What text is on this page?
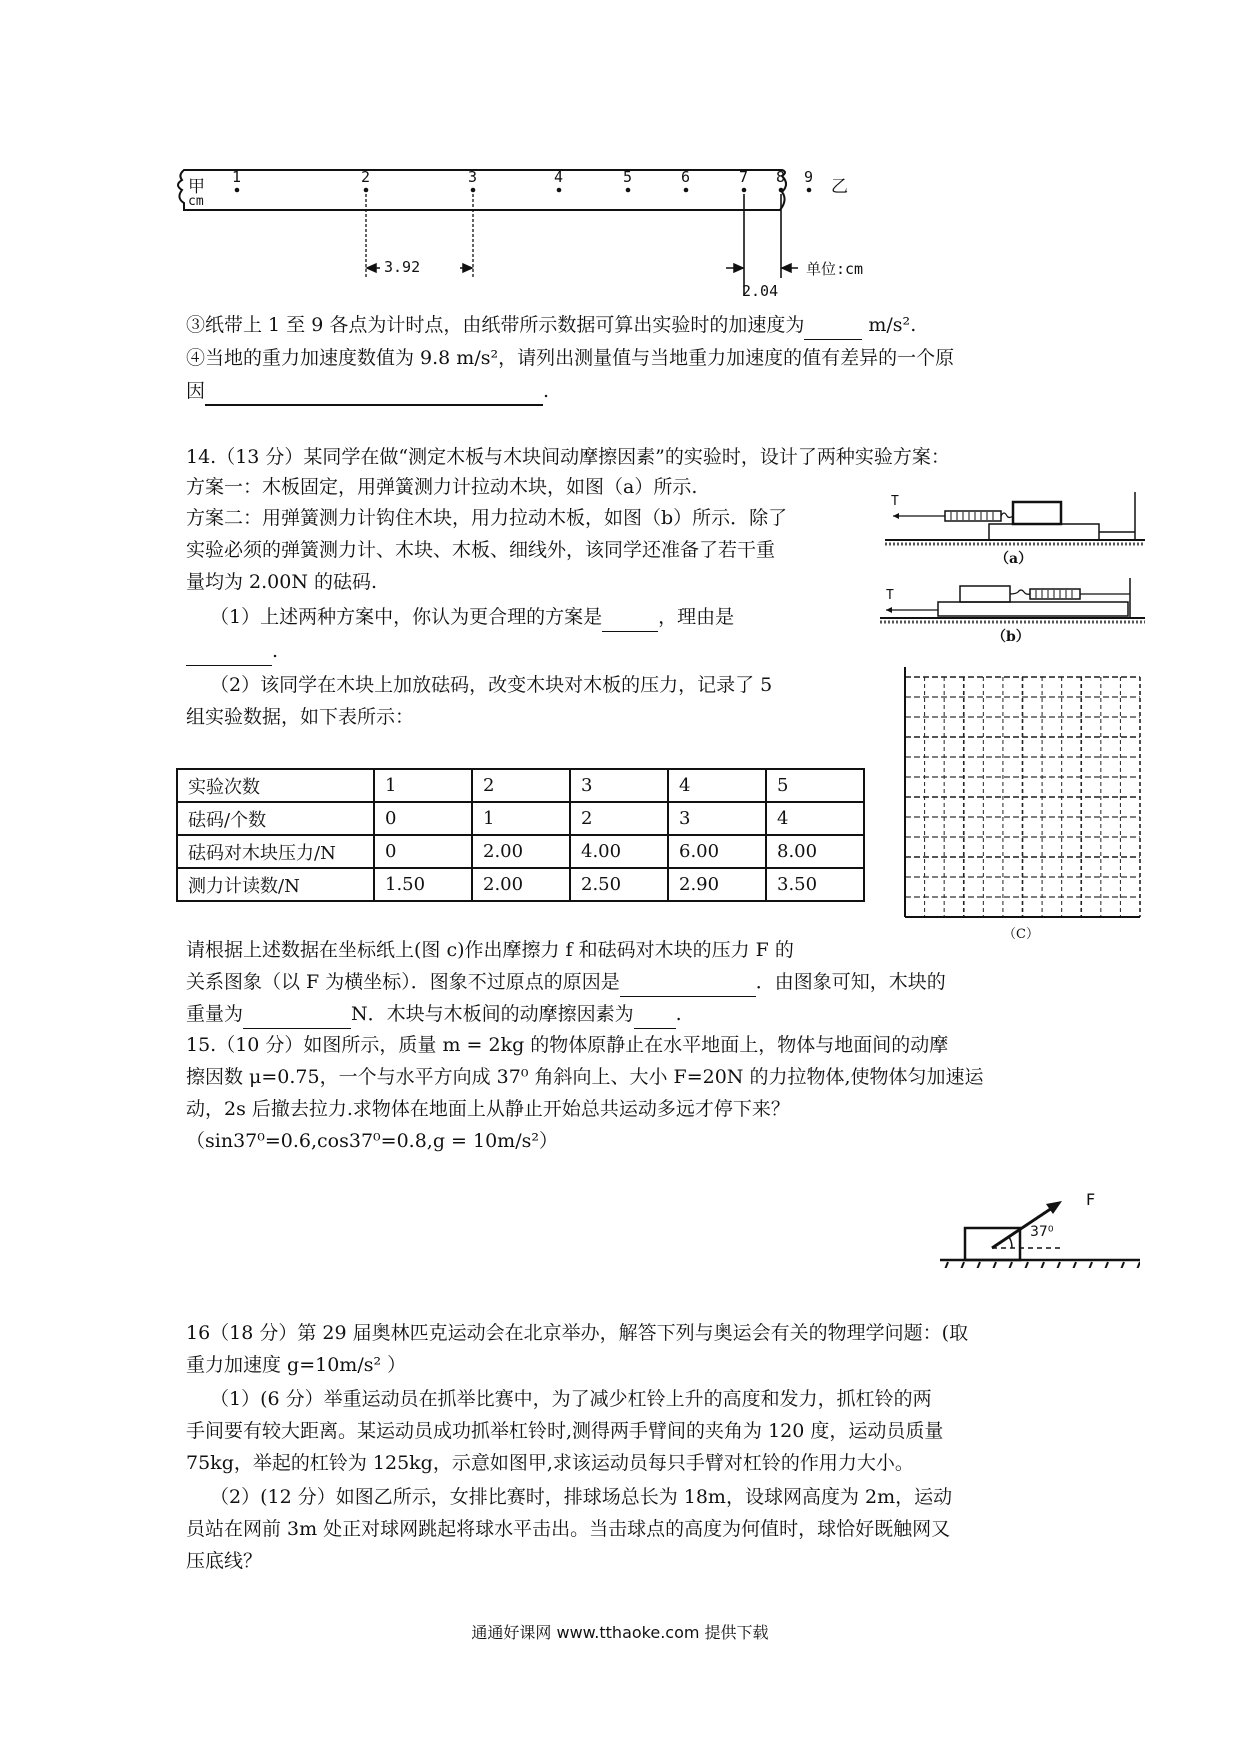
甲
cm
乙
1	2	3	4	5	6	7 8 9
3.92
2.04
单位:cm
③纸带上 1 至 9 各点为计时点，由纸带所示数据可算出实验时的加速度为	m/s².
④当地的重力加速度数值为 9.8 m/s²，请列出测量值与当地重力加速度的值有差异的一个原
因	.
14.（13 分）某同学在做“测定木板与木块间动摩擦因素”的实验时，设计了两种实验方案：
方案一：木板固定，用弹簧测力计拉动木块，如图（a）所示.
方案二：用弹簧测力计钩住木块，用力拉动木板，如图（b）所示．除了
实验必须的弹簧测力计、木块、木板、细线外，该同学还准备了若干重
量均为 2.00N 的砝码.
（1）上述两种方案中，你认为更合理的方案是	，理由是
.
（2）该同学在木块上加放砝码，改变木块对木板的压力，记录了 5
组实验数据，如下表所示：
T
（a）
T
（b）
（C）
实验次数	1	2	3	4	5
砝码/个数	0	1	2	3	4
砝码对木块压力/N	0	2.00	4.00	6.00	8.00
测力计读数/N	1.50	2.00	2.50	2.90	3.50
请根据上述数据在坐标纸上(图 c)作出摩擦力 f 和砝码对木块的压力 F 的
关系图象（以 F 为横坐标）．图象不过原点的原因是	．由图象可知，木块的
重量为	N．木块与木板间的动摩擦因素为 .
15.（10 分）如图所示，质量 m = 2kg 的物体原静止在水平地面上，物体与地面间的动摩
擦因数 μ=0.75，一个与水平方向成 37⁰ 角斜向上、大小 F=20N 的力拉物体,使物体匀加速运
动，2s 后撤去拉力.求物体在地面上从静止开始总共运动多远才停下来？
（sin37⁰=0.6,cos37⁰=0.8,g = 10m/s²）
F
37⁰
16（18 分）第 29 届奥林匹克运动会在北京举办，解答下列与奥运会有关的物理学问题：(取
重力加速度 g=10m/s² ）
（1）(6 分）举重运动员在抓举比赛中，为了减少杠铃上升的高度和发力，抓杠铃的两
手间要有较大距离。某运动员成功抓举杠铃时,测得两手臂间的夹角为 120 度，运动员质量
75kg，举起的杠铃为 125kg，示意如图甲,求该运动员每只手臂对杠铃的作用力大小。
（2）(12 分）如图乙所示，女排比赛时，排球场总长为 18m，设球网高度为 2m，运动
员站在网前 3m 处正对球网跳起将球水平击出。当击球点的高度为何值时，球恰好既触网又
压底线？
通通好课网 www.tthaoke.com 提供下载
